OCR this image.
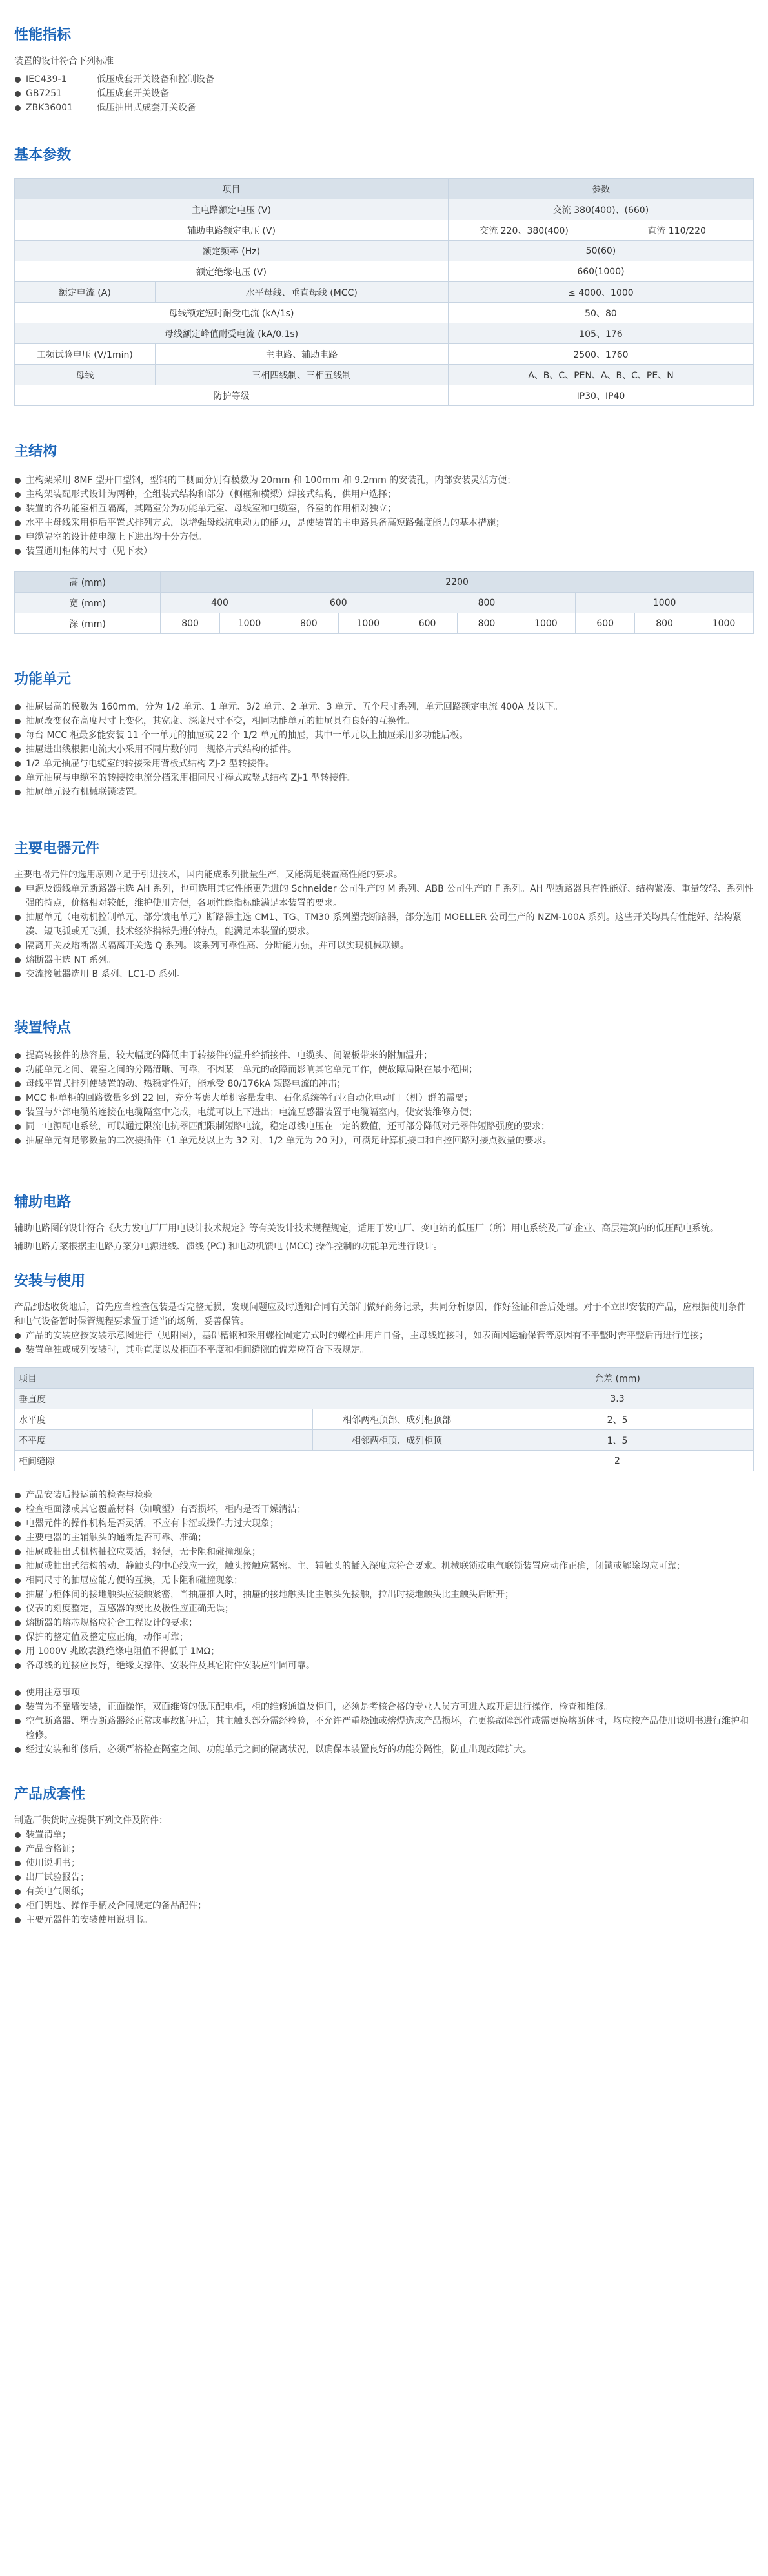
性能指标

装置的设计符合下列标准

IEC439-1	低压成套开关设备和控制设备
GB7251	低压成套开关设备
ZBK36001	低压抽出式成套开关设备
基本参数
项目		参数	
主电路额定电压 (V)		交流 380(400)、(660)	
辅助电路额定电压 (V)		交流 220、380(400)	直流 110/220
额定频率 (Hz)		50(60)	
额定绝缘电压 (V)		660(1000)	
额定电流 (A)	水平母线、垂直母线 (MCC)	≤ 4000、1000	
母线额定短时耐受电流 (kA/1s)		50、80	
母线额定峰值耐受电流 (kA/0.1s)		105、176	
工频试验电压 (V/1min)	主电路、辅助电路	2500、1760	
母线	三相四线制、三相五线制	A、B、C、PEN、A、B、C、PE、N	
防护等级		IP30、IP40	
主结构
主构架采用 8MF 型开口型钢，型钢的二侧面分别有模数为 20mm 和 100mm 和 9.2mm 的安装孔，内部安装灵活方便；
主构架装配形式设计为两种，全组装式结构和部分（侧框和横梁）焊接式结构，供用户选择；
装置的各功能室相互隔离，其隔室分为功能单元室、母线室和电缆室，各室的作用相对独立；
水平主母线采用柜后平置式排列方式，以增强母线抗电动力的能力，是使装置的主电路具备高短路强度能力的基本措施；
电缆隔室的设计使电缆上下进出均十分方便。
装置通用柜体的尺寸（见下表）
高 (mm)	2200									
宽 (mm)	400		600		800			1000		
深 (mm)	800	1000	800	1000	600	800	1000	600	800	1000
功能单元
抽屉层高的模数为 160mm，分为 1/2 单元、1 单元、3/2 单元、2 单元、3 单元、五个尺寸系列，单元回路额定电流 400A 及以下。
抽屉改变仅在高度尺寸上变化，其宽度、深度尺寸不变，相同功能单元的抽屉具有良好的互换性。
每台 MCC 柜最多能安装 11 个一单元的抽屉或 22 个 1/2 单元的抽屉，其中一单元以上抽屉采用多功能后板。
抽屉进出线根据电流大小采用不同片数的同一规格片式结构的插件。
1/2 单元抽屉与电缆室的转接采用背板式结构 ZJ-2 型转接件。
单元抽屉与电缆室的转接按电流分档采用相同尺寸棒式或竖式结构 ZJ-1 型转接件。
抽屉单元设有机械联锁装置。
主要电器元件

主要电器元件的选用原则立足于引进技术，国内能成系列批量生产，又能满足装置高性能的要求。

电源及馈线单元断路器主选 AH 系列，也可选用其它性能更先进的 Schneider 公司生产的 M 系列、ABB 公司生产的 F 系列。AH 型断路器具有性能好、结构紧凑、重量较轻、系列性强的特点，价格相对较低，维护使用方便，各项性能指标能满足本装置的要求。
抽屉单元（电动机控制单元、部分馈电单元）断路器主选 CM1、TG、TM30 系列塑壳断路器，部分选用 MOELLER 公司生产的 NZM-100A 系列。这些开关均具有性能好、结构紧凑、短飞弧或无飞弧，技术经济指标先进的特点，能满足本装置的要求。
隔离开关及熔断器式隔离开关选 Q 系列。该系列可靠性高、分断能力强，并可以实现机械联锁。
熔断器主选 NT 系列。
交流接触器选用 B 系列、LC1-D 系列。
装置特点
提高转接件的热容量，较大幅度的降低由于转接件的温升给插接件、电缆头、间隔板带来的附加温升；
功能单元之间、隔室之间的分隔清晰、可靠，不因某一单元的故障而影响其它单元工作，使故障局限在最小范围；
母线平置式排列使装置的动、热稳定性好，能承受 80/176kA 短路电流的冲击；
MCC 柜单柜的回路数量多到 22 回，充分考虑大单机容量发电、石化系统等行业自动化电动门（机）群的需要；
装置与外部电缆的连接在电缆隔室中完成，电缆可以上下进出；电流互感器装置于电缆隔室内，使安装维修方便；
同一电源配电系统，可以通过限流电抗器匹配限制短路电流，稳定母线电压在一定的数值，还可部分降低对元器件短路强度的要求；
抽屉单元有足够数量的二次接插件（1 单元及以上为 32 对，1/2 单元为 20 对），可满足计算机接口和自控回路对接点数量的要求。
辅助电路

辅助电路图的设计符合《火力发电厂厂用电设计技术规定》等有关设计技术规程规定，适用于发电厂、变电站的低压厂（所）用电系统及厂矿企业、高层建筑内的低压配电系统。

辅助电路方案根据主电路方案分电源进线、馈线 (PC) 和电动机馈电 (MCC) 操作控制的功能单元进行设计。

安装与使用

产品到达收货地后，首先应当检查包装是否完整无损，发现问题应及时通知合同有关部门做好商务记录，共同分析原因，作好签证和善后处理。对于不立即安装的产品，应根据使用条件和电气设备暂时保管规程要求置于适当的场所，妥善保管。

产品的安装应按安装示意图进行（见附图），基础槽钢和采用螺栓固定方式时的螺栓由用户自备，主母线连接时，如表面因运输保管等原因有不平整时需平整后再进行连接；
装置单独或成列安装时，其垂直度以及柜面不平度和柜间缝隙的偏差应符合下表规定。
项目		允差 (mm)
垂直度		3.3
水平度	相邻两柜顶部、成列柜顶部	2、5
不平度	相邻两柜顶、成列柜顶	1、5
柜间缝隙		2
产品安装后投运前的检查与检验
检查柜面漆或其它覆盖材料（如喷塑）有否损坏，柜内是否干燥清洁；
电器元件的操作机构是否灵活，不应有卡涩或操作力过大现象；
主要电器的主辅触头的通断是否可靠、准确；
抽屉或抽出式机构抽拉应灵活，轻便，无卡阻和碰撞现象；
抽屉或抽出式结构的动、静触头的中心线应一致，触头接触应紧密。主、辅触头的插入深度应符合要求。机械联锁或电气联锁装置应动作正确，闭锁或解除均应可靠；
相同尺寸的抽屉应能方便的互换，无卡阻和碰撞现象；
抽屉与柜体间的接地触头应接触紧密，当抽屉推入时，抽屉的接地触头比主触头先接触，拉出时接地触头比主触头后断开；
仪表的刻度整定，互感器的变比及极性应正确无误；
熔断器的熔芯规格应符合工程设计的要求；
保护的整定值及整定应正确，动作可靠；
用 1000V 兆欧表测绝缘电阻值不得低于 1MΩ；
各母线的连接应良好，绝缘支撑件、安装件及其它附件安装应牢固可靠。
使用注意事项
装置为不靠墙安装，正面操作，双面维修的低压配电柜，柜的维修通道及柜门，必须是考核合格的专业人员方可进入或开启进行操作、检查和维修。
空气断路器、塑壳断路器经正常或事故断开后，其主触头部分需经检验，不允许严重烧蚀或熔焊造成产品损坏，在更换故障部件或需更换熔断体时，均应按产品使用说明书进行维护和检修。
经过安装和维修后，必须严格检查隔室之间、功能单元之间的隔离状况，以确保本装置良好的功能分隔性，防止出现故障扩大。
产品成套性

制造厂供货时应提供下列文件及附件：

装置清单；
产品合格证；
使用说明书；
出厂试验报告；
有关电气图纸；
柜门钥匙、操作手柄及合同规定的备品配件；
主要元器件的安装使用说明书。
